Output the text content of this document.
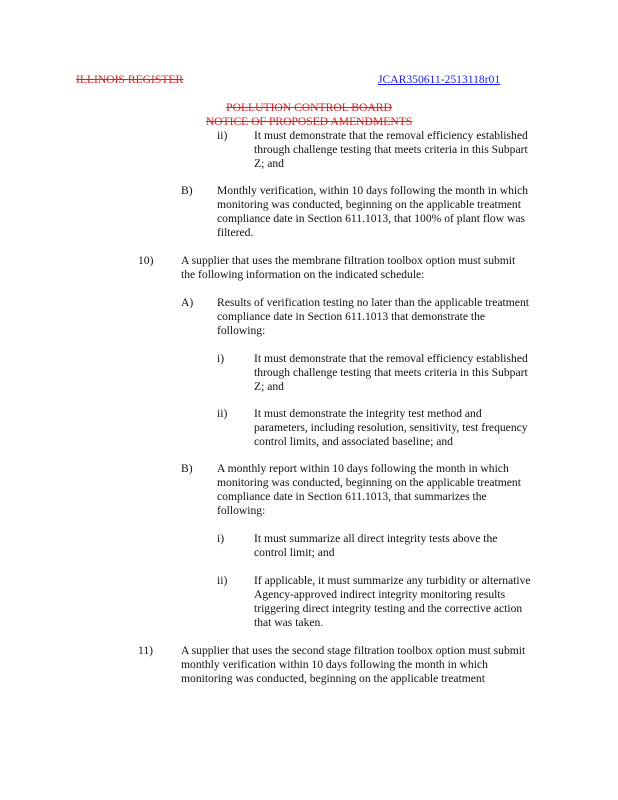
ILLINOIS REGISTER	JCAR350611-2513118r01
POLLUTION CONTROL BOARD
NOTICE OF PROPOSED AMENDMENTS
ii) It must demonstrate that the removal efficiency established
through challenge testing that meets criteria in this Subpart
Z; and
B) Monthly verification, within 10 days following the month in which
monitoring was conducted, beginning on the applicable treatment
compliance date in Section 611.1013, that 100% of plant flow was
filtered.
10) A supplier that uses the membrane filtration toolbox option must submit
the following information on the indicated schedule:
A) Results of verification testing no later than the applicable treatment
compliance date in Section 611.1013 that demonstrate the
following:
i)	It must demonstrate that the removal efficiency established
through challenge testing that meets criteria in this Subpart
Z; and
ii) It must demonstrate the integrity test method and
parameters, including resolution, sensitivity, test frequency
control limits, and associated baseline; and
B) A monthly report within 10 days following the month in which
monitoring was conducted, beginning on the applicable treatment
compliance date in Section 611.1013, that summarizes the
following:
i)	It must summarize all direct integrity tests above the
control limit; and
ii) If applicable, it must summarize any turbidity or alternative
Agency-approved indirect integrity monitoring results
triggering direct integrity testing and the corrective action
that was taken.
11) A supplier that uses the second stage filtration toolbox option must submit
monthly verification within 10 days following the month in which
monitoring was conducted, beginning on the applicable treatment
